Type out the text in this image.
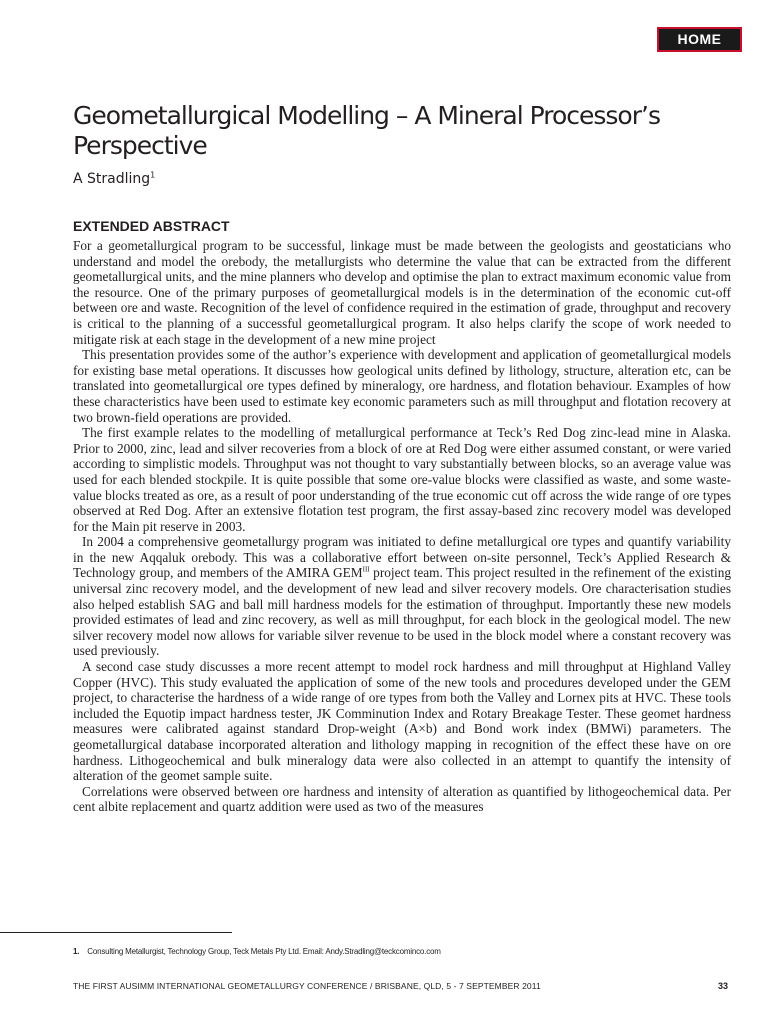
HOME
Geometallurgical Modelling – A Mineral Processor’s Perspective
A Stradling$^1$
EXTENDED ABSTRACT

For a geometallurgical program to be successful, linkage must be made between the geologists and geostaticians who understand and model the orebody, the metallurgists who determine the value that can be extracted from the different geometallurgical units, and the mine planners who develop and optimise the plan to extract maximum economic value from the resource. One of the primary purposes of geometallurgical models is in the determination of the economic cut-off between ore and waste. Recognition of the level of confidence required in the estimation of grade, throughput and recovery is critical to the planning of a successful geometallurgical program. It also helps clarify the scope of work needed to mitigate risk at each stage in the development of a new mine project

This presentation provides some of the author’s experience with development and application of geometallurgical models for existing base metal operations. It discusses how geological units defined by lithology, structure, alteration etc, can be translated into geometallurgical ore types defined by mineralogy, ore hardness, and flotation behaviour. Examples of how these characteristics have been used to estimate key economic parameters such as mill throughput and flotation recovery at two brown-field operations are provided.

The first example relates to the modelling of metallurgical performance at Teck’s Red Dog zinc-lead mine in Alaska. Prior to 2000, zinc, lead and silver recoveries from a block of ore at Red Dog were either assumed constant, or were varied according to simplistic models. Throughput was not thought to vary substantially between blocks, so an average value was used for each blended stockpile. It is quite possible that some ore-value blocks were classified as waste, and some waste-value blocks treated as ore, as a result of poor understanding of the true economic cut off across the wide range of ore types observed at Red Dog. After an extensive flotation test program, the first assay-based zinc recovery model was developed for the Main pit reserve in 2003.

In 2004 a comprehensive geometallurgy program was initiated to define metallurgical ore types and quantify variability in the new Aqqaluk orebody. This was a collaborative effort between on-site personnel, Teck’s Applied Research & Technology group, and members of the AMIRA $GEM^{III}$ project team. This project resulted in the refinement of the existing universal zinc recovery model, and the development of new lead and silver recovery models. Ore characterisation studies also helped establish SAG and ball mill hardness models for the estimation of throughput. Importantly these new models provided estimates of lead and zinc recovery, as well as mill throughput, for each block in the geological model. The new silver recovery model now allows for variable silver revenue to be used in the block model where a constant recovery was used previously.

A second case study discusses a more recent attempt to model rock hardness and mill throughput at Highland Valley Copper (HVC). This study evaluated the application of some of the new tools and procedures developed under the GEM project, to characterise the hardness of a wide range of ore types from both the Valley and Lornex pits at HVC. These tools included the Equotip impact hardness tester, JK Comminution Index and Rotary Breakage Tester. These geomet hardness measures were calibrated against standard Drop-weight (A×b) and Bond work index (BMWi) parameters. The geometallurgical database incorporated alteration and lithology mapping in recognition of the effect these have on ore hardness. Lithogeochemical and bulk mineralogy data were also collected in an attempt to quantify the intensity of alteration of the geomet sample suite.

Correlations were observed between ore hardness and intensity of alteration as quantified by lithogeochemical data. Per cent albite replacement and quartz addition were used as two of the measures

1. Consulting Metallurgist, Technology Group, Teck Metals Pty Ltd. Email: Andy.Stradling@teckcominco.com
THE FIRST AUSIMM INTERNATIONAL GEOMETALLURGY CONFERENCE / BRISBANE, QLD, 5 - 7 SEPTEMBER 2011	33
